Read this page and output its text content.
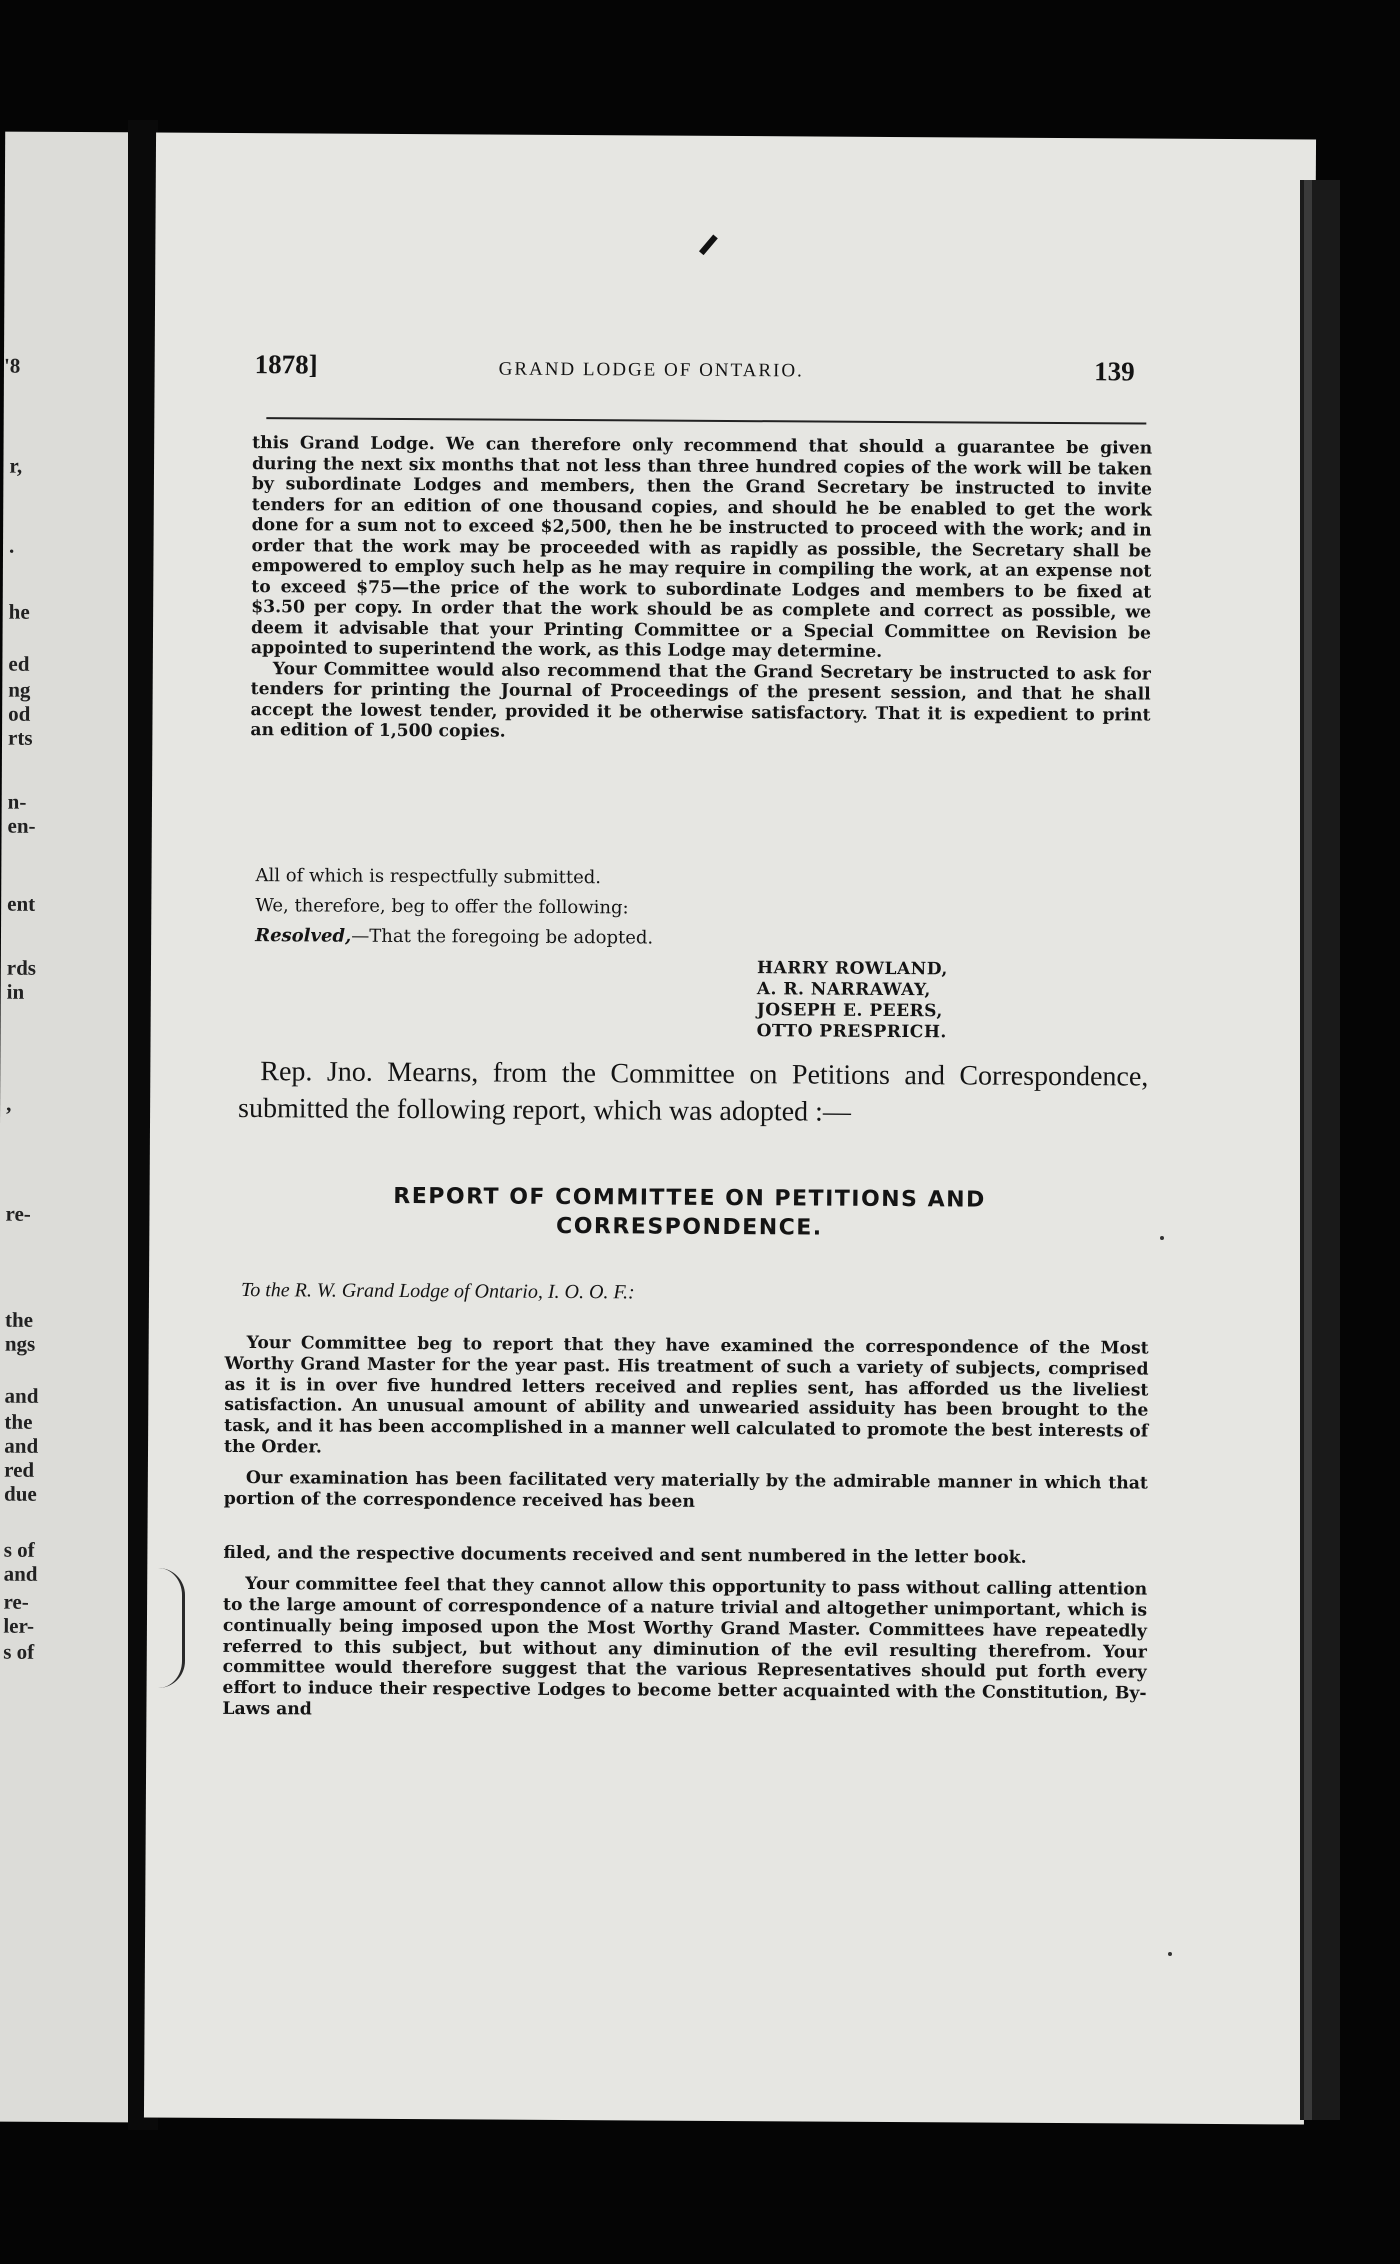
'8
r,
.
he
ed
ng
od
rts
n-
en-
ent
rds
in
,
re-
the
ngs
and
the
and
red
due
s of
and
re-
ler-
s of
1878]	GRAND LODGE OF ONTARIO.	139

this Grand Lodge. We can therefore only recommend that should a guarantee be given during the next six months that not less than three hundred copies of the work will be taken by subordinate Lodges and members, then the Grand Secretary be instructed to invite tenders for an edition of one thousand copies, and should he be enabled to get the work done for a sum not to exceed $2,500, then he be instructed to proceed with the work; and in order that the work may be proceeded with as rapidly as possible, the Secretary shall be empowered to employ such help as he may require in compiling the work, at an expense not to exceed $75—the price of the work to subordinate Lodges and members to be fixed at $3.50 per copy. In order that the work should be as complete and correct as possible, we deem it advisable that your Printing Committee or a Special Committee on Revision be appointed to superintend the work, as this Lodge may determine.

Your Committee would also recommend that the Grand Secretary be instructed to ask for tenders for printing the Journal of Proceedings of the present session, and that he shall accept the lowest tender, provided it be otherwise satisfactory. That it is expedient to print an edition of 1,500 copies.

All of which is respectfully submitted.

We, therefore, beg to offer the following:

Resolved,—That the foregoing be adopted.

HARRY ROWLAND,
A. R. NARRAWAY,
JOSEPH E. PEERS,
OTTO PRESPRICH.
Rep. Jno. Mearns, from the Committee on Petitions and Correspondence, submitted the following report, which was adopted :—
REPORT OF COMMITTEE ON PETITIONS AND
CORRESPONDENCE.
To the R. W. Grand Lodge of Ontario, I. O. O. F.:

Your Committee beg to report that they have examined the correspondence of the Most Worthy Grand Master for the year past. His treatment of such a variety of subjects, comprised as it is in over five hundred letters received and replies sent, has afforded us the liveliest satisfaction. An unusual amount of ability and unwearied assiduity has been brought to the task, and it has been accomplished in a manner well calculated to promote the best interests of the Order.

Our examination has been facilitated very materially by the admirable manner in which that portion of the correspondence received has been

filed, and the respective documents received and sent numbered in the letter book.

Your committee feel that they cannot allow this opportunity to pass without calling attention to the large amount of correspondence of a nature trivial and altogether unimportant, which is continually being imposed upon the Most Worthy Grand Master. Committees have repeatedly referred to this subject, but without any diminution of the evil resulting therefrom. Your committee would therefore suggest that the various Representatives should put forth every effort to induce their respective Lodges to become better acquainted with the Constitution, By-Laws and
